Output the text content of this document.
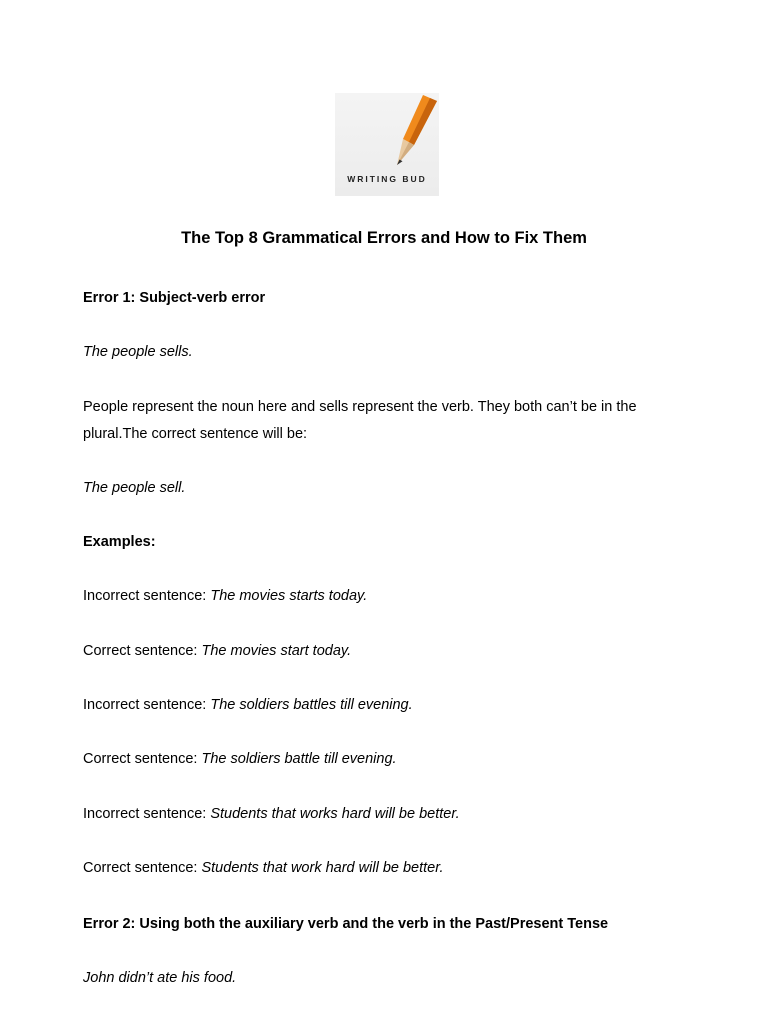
WRITING BUD
The Top 8 Grammatical Errors and How to Fix Them
Error 1: Subject-verb error
The people sells.
People represent the noun here and sells represent the verb. They both can’t be in the plural.The correct sentence will be:
The people sell.
Examples:
Incorrect sentence: The movies starts today.
Correct sentence: The movies start today.
Incorrect sentence: The soldiers battles till evening.
Correct sentence: The soldiers battle till evening.
Incorrect sentence: Students that works hard will be better.
Correct sentence: Students that work hard will be better.
Error 2: Using both the auxiliary verb and the verb in the Past/Present Tense
John didn’t ate his food.
